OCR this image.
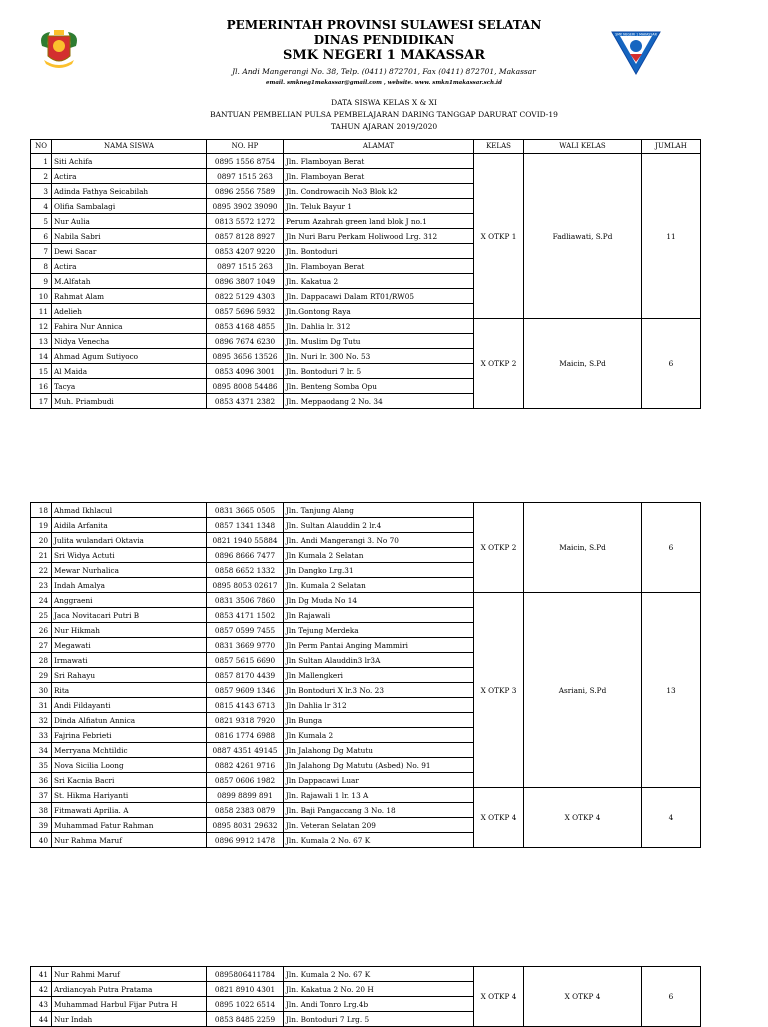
SMK NEGERI 1 MAKASSAR
PEMERINTAH PROVINSI SULAWESI SELATAN
DINAS PENDIDIKAN
SMK NEGERI 1 MAKASSAR
Jl. Andi Mangerangi No. 38, Telp. (0411) 872701, Fax (0411) 872701, Makassar
email. smkneg1makassar@gmail.com , website. www. smkn1makassar.sch.id
DATA SISWA KELAS X & XI
BANTUAN PEMBELIAN PULSA PEMBELAJARAN DARING TANGGAP DARURAT COVID-19
TAHUN AJARAN 2019/2020
NO	NAMA SISWA	NO. HP	ALAMAT	KELAS	WALI KELAS	JUMLAH
1	Siti Achifa	0895 1556 8754	Jln. Flamboyan Berat	X OTKP 1	Fadliawati, S.Pd	11
2	Actira	0897 1515 263	Jln. Flamboyan Berat			
3	Adinda Fathya Seicabilah	0896 2556 7589	Jln. Condrowacih No3 Blok k2			
4	Olifia Sambalagi	0895 3902 39090	Jln. Teluk Bayur 1			
5	Nur Aulia	0813 5572 1272	Perum Azahrah green land blok J no.1			
6	Nabila Sabri	0857 8128 8927	Jln Nuri Baru Perkam Holiwood Lrg. 312			
7	Dewi Sacar	0853 4207 9220	Jln. Bontoduri			
8	Actira	0897 1515 263	Jln. Flamboyan Berat			
9	M.Alfatah	0896 3807 1049	Jln. Kakatua 2			
10	Rahmat Alam	0822 5129 4303	Jln. Dappacawi Dalam RT01/RW05			
11	Adelieh	0857 5696 5932	Jln.Gontong Raya			
12	Fahira Nur Annica	0853 4168 4855	Jln. Dahlia lr. 312	X OTKP 2	Maicin, S.Pd	6
13	Nidya Venecha	0896 7674 6230	Jln. Muslim Dg Tutu			
14	Ahmad Agum Sutiyoco	0895 3656 13526	Jln. Nuri lr. 300 No. 53			
15	Al Maida	0853 4096 3001	Jln. Bontoduri 7 lr. 5			
16	Tacya	0895 8008 54486	Jln. Benteng Somba Opu			
17	Muh. Priambudi	0853 4371 2382	Jln. Meppaodang 2 No. 34			
18	Ahmad Ikhlacul	0831 3665 0505	Jln. Tanjung Alang	X OTKP 2	Maicin, S.Pd	6
19	Aidila Arfanita	0857 1341 1348	Jln. Sultan Alauddin 2 lr.4			
20	Julita wulandari Oktavia	0821 1940 55884	Jln. Andi Mangerangi 3. No 70			
21	Sri Widya Actuti	0896 8666 7477	Jln Kumala 2 Selatan			
22	Mewar Nurhalica	0858 6652 1332	Jln Dangko Lrg.31			
23	Indah Amalya	0895 8053 02617	Jln. Kumala 2 Selatan			
24	Anggraeni	0831 3506 7860	Jln Dg Muda No 14	X OTKP 3	Asriani, S.Pd	13
25	Jaca Novitacari Putri B	0853 4171 1502	Jln Rajawali			
26	Nur Hikmah	0857 0599 7455	Jln Tejung Merdeka			
27	Megawati	0831 3669 9770	Jln Perm Pantai Anging Mammiri			
28	Irmawati	0857 5615 6690	Jln Sultan Alauddin3 lr3A			
29	Sri Rahayu	0857 8170 4439	Jln Mallengkeri			
30	Rita	0857 9609 1346	Jln Bontoduri X lr.3 No. 23			
31	Andi Fildayanti	0815 4143 6713	Jln Dahlia lr 312			
32	Dinda Alfiatun Annica	0821 9318 7920	Jln Bunga			
33	Fajrina Febrieti	0816 1774 6988	Jln Kumala 2			
34	Merryana Mchtildic	0887 4351 49145	Jln Jalahong Dg Matutu			
35	Nova Sicilia Loong	0882 4261 9716	Jln Jalahong Dg Matutu (Asbed) No. 91			
36	Sri Kacnia Bacri	0857 0606 1982	Jln Dappacawi Luar			
37	St. Hikma Hariyanti	0899 8899 891	Jln. Rajawali 1 lr. 13 A	X OTKP 4	X OTKP 4	4
38	Fitmawati Aprilia. A	0858 2383 0879	Jln. Baji Pangaccang 3 No. 18			
39	Muhammad Fatur Rahman	0895 8031 29632	Jln. Veteran Selatan 209			
40	Nur Rahma Maruf	0896 9912 1478	Jln. Kumala 2 No. 67 K			
41	Nur Rahmi Maruf	0895806411784	Jln. Kumala 2 No. 67 K	X OTKP 4	X OTKP 4	6
42	Ardiancyah Putra Pratama	0821 8910 4301	Jln. Kakatua 2 No. 20 H			
43	Muhammad Harbul Fijar Putra H	0895 1022 6514	Jln. Andi Tonro Lrg.4b			
44	Nur Indah	0853 8485 2259	Jln. Bontoduri 7 Lrg. 5			
